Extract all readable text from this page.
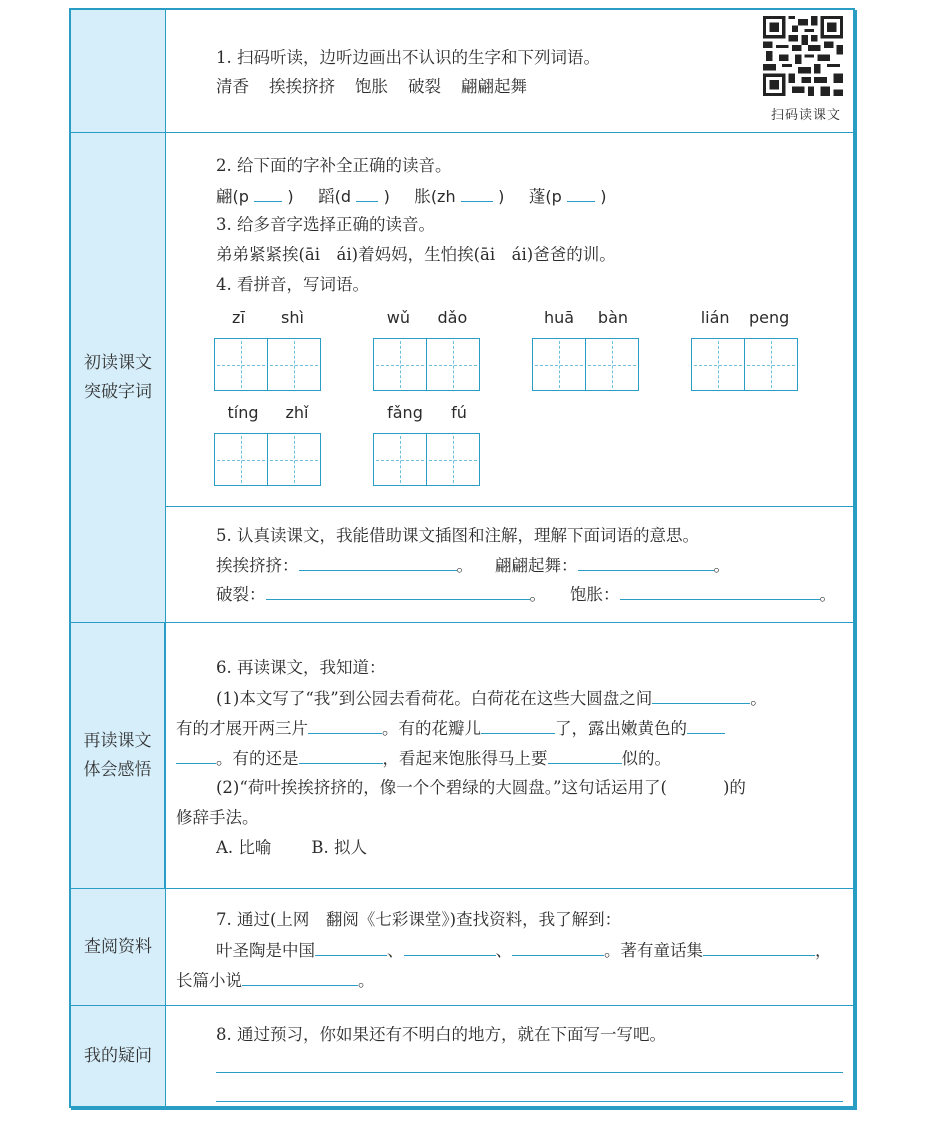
1. 扫码听读，边听边画出不认识的生字和下列词语。
清香 挨挨挤挤 饱胀 破裂 翩翩起舞
扫码读课文
初读课文
突破字词
2. 给下面的字补全正确的读音。
翩(p ) 蹈(d ) 胀(zh	) 蓬(p )
3. 给多音字选择正确的读音。
弟弟紧紧挨(āi　ái)着妈妈，生怕挨(āi　ái)爸爸的训。
4. 看拼音，写词语。
zī shì	wǔ dǎo	huā bàn	lián peng
tíng zhǐ	fǎng fú
5. 认真读课文，我能借助课文插图和注解，理解下面词语的意思。
挨挨挤挤：	。 翩翩起舞：	。
破裂：	。 饱胀：	。
再读课文
体会感悟
6. 再读课文，我知道：
(1)本文写了“我”到公园去看荷花。白荷花在这些大圆盘之间	。
有的才展开两三片	。有的花瓣儿	了，露出嫩黄色的
。有的还是	，看起来饱胀得马上要	似的。
(2)“荷叶挨挨挤挤的，像一个个碧绿的大圆盘。”这句话运用了(	)的
修辞手法。
A. 比喻 B. 拟人
查阅资料
7. 通过(上网　翻阅《七彩课堂》)查找资料，我了解到：
叶圣陶是中国	、	、	。著有童话集	，
长篇小说	。
我的疑问
8. 通过预习，你如果还有不明白的地方，就在下面写一写吧。
